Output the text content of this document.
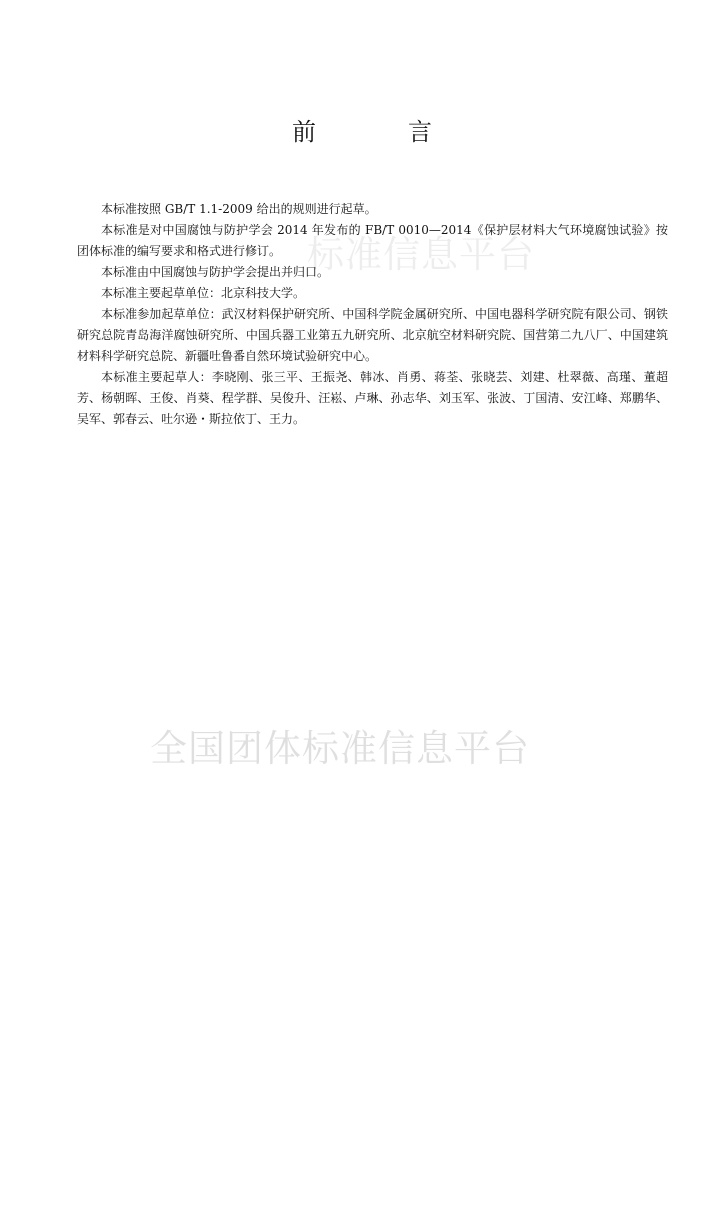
标准信息平台
全国团体标准信息平台
前　言

本标准按照 GB/T 1.1-2009 给出的规则进行起草。

本标准是对中国腐蚀与防护学会 2014 年发布的 FB/T 0010—2014《保护层材料大气环境腐蚀试验》按团体标准的编写要求和格式进行修订。

本标准由中国腐蚀与防护学会提出并归口。

本标准主要起草单位：北京科技大学。

本标准参加起草单位：武汉材料保护研究所、中国科学院金属研究所、中国电器科学研究院有限公司、钢铁研究总院青岛海洋腐蚀研究所、中国兵器工业第五九研究所、北京航空材料研究院、国营第二九八厂、中国建筑材料科学研究总院、新疆吐鲁番自然环境试验研究中心。

本标准主要起草人：李晓刚、张三平、王振尧、韩冰、肖勇、蒋荃、张晓芸、刘建、杜翠薇、高瑾、董超芳、杨朝晖、王俊、肖葵、程学群、吴俊升、汪崧、卢琳、孙志华、刘玉军、张波、丁国清、安江峰、郑鹏华、吴军、郭春云、吐尔逊・斯拉依丁、王力。
